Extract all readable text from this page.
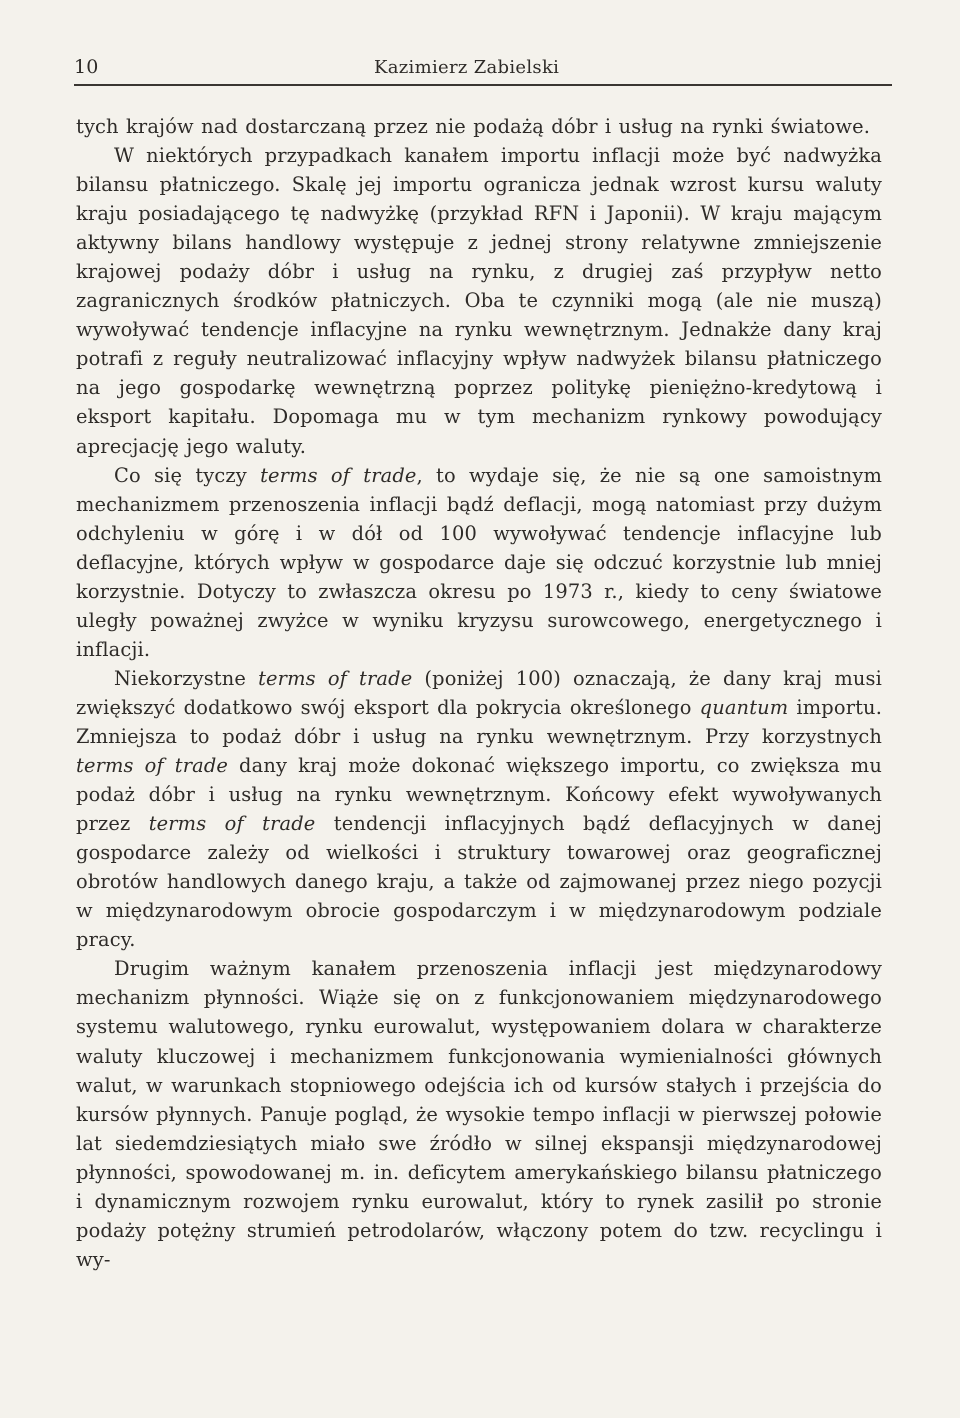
10	Kazimierz Zabielski

tych krajów nad dostarczaną przez nie podażą dóbr i usług na rynki światowe.

W niektórych przypadkach kanałem importu inflacji może być nadwyżka bilansu płatniczego. Skalę jej importu ogranicza jednak wzrost kursu waluty kraju posiadającego tę nadwyżkę (przykład RFN i Japonii). W kraju mającym aktywny bilans handlowy występuje z jednej strony relatywne zmniejszenie krajowej podaży dóbr i usług na rynku, z drugiej zaś przypływ netto zagranicznych środków płatniczych. Oba te czynniki mogą (ale nie muszą) wywoływać tendencje inflacyjne na rynku wewnętrznym. Jednakże dany kraj potrafi z reguły neutralizować inflacyjny wpływ nadwyżek bilansu płatniczego na jego gospodarkę wewnętrzną poprzez politykę pieniężno-kredytową i eksport kapitału. Dopomaga mu w tym mechanizm rynkowy powodujący aprecjację jego waluty.

Co się tyczy terms of trade, to wydaje się, że nie są one samoistnym mechanizmem przenoszenia inflacji bądź deflacji, mogą natomiast przy dużym odchyleniu w górę i w dół od 100 wywoływać tendencje inflacyjne lub deflacyjne, których wpływ w gospodarce daje się odczuć korzystnie lub mniej korzystnie. Dotyczy to zwłaszcza okresu po 1973 r., kiedy to ceny światowe uległy poważnej zwyżce w wyniku kryzysu surowcowego, energetycznego i inflacji.

Niekorzystne terms of trade (poniżej 100) oznaczają, że dany kraj musi zwiększyć dodatkowo swój eksport dla pokrycia określonego quantum importu. Zmniejsza to podaż dóbr i usług na rynku wewnętrznym. Przy korzystnych terms of trade dany kraj może dokonać większego importu, co zwiększa mu podaż dóbr i usług na rynku wewnętrznym. Końcowy efekt wywoływanych przez terms of trade tendencji inflacyjnych bądź deflacyjnych w danej gospodarce zależy od wielkości i struktury towarowej oraz geograficznej obrotów handlowych danego kraju, a także od zajmowanej przez niego pozycji w międzynarodowym obrocie gospodarczym i w międzynarodowym podziale pracy.

Drugim ważnym kanałem przenoszenia inflacji jest międzynarodowy mechanizm płynności. Wiąże się on z funkcjonowaniem międzynarodowego systemu walutowego, rynku eurowalut, występowaniem dolara w charakterze waluty kluczowej i mechanizmem funkcjonowania wymienialności głównych walut, w warunkach stopniowego odejścia ich od kursów stałych i przejścia do kursów płynnych. Panuje pogląd, że wysokie tempo inflacji w pierwszej połowie lat siedemdziesiątych miało swe źródło w silnej ekspansji międzynarodowej płynności, spowodowanej m. in. deficytem amerykańskiego bilansu płatniczego i dynamicznym rozwojem rynku eurowalut, który to rynek zasilił po stronie podaży potężny strumień petrodolarów, włączony potem do tzw. recyclingu i wy-
